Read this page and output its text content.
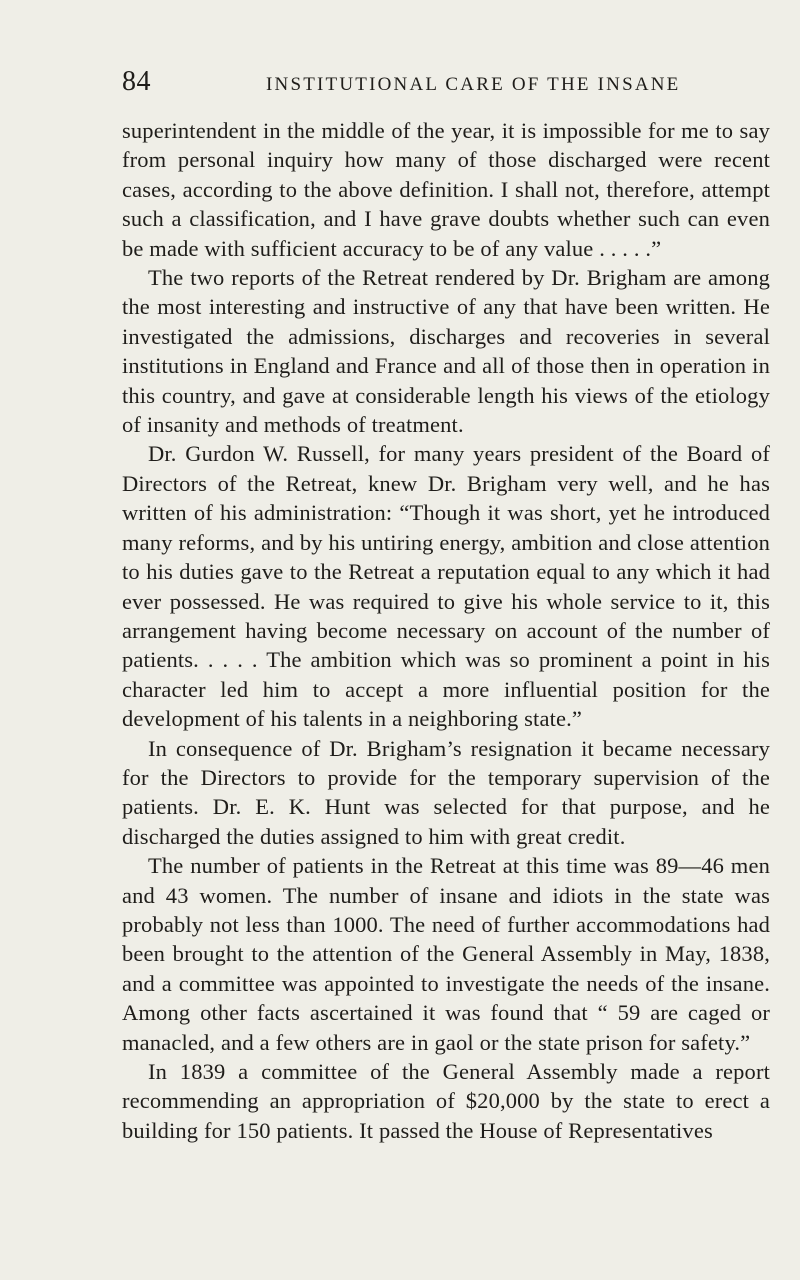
84	INSTITUTIONAL CARE OF THE INSANE

superintendent in the middle of the year, it is impossible for me to say from personal inquiry how many of those discharged were recent cases, according to the above definition. I shall not, therefore, attempt such a classification, and I have grave doubts whether such can even be made with sufficient accuracy to be of any value . . . . .”

The two reports of the Retreat rendered by Dr. Brigham are among the most interesting and instructive of any that have been written. He investigated the admissions, discharges and recoveries in several institutions in England and France and all of those then in operation in this country, and gave at considerable length his views of the etiology of insanity and methods of treatment.

Dr. Gurdon W. Russell, for many years president of the Board of Directors of the Retreat, knew Dr. Brigham very well, and he has written of his administration: “Though it was short, yet he introduced many reforms, and by his untiring energy, ambition and close attention to his duties gave to the Retreat a reputation equal to any which it had ever possessed. He was required to give his whole service to it, this arrangement having become necessary on account of the number of patients. . . . . The ambition which was so prominent a point in his character led him to accept a more influential position for the development of his talents in a neighboring state.”

In consequence of Dr. Brigham’s resignation it became necessary for the Directors to provide for the temporary supervision of the patients. Dr. E. K. Hunt was selected for that purpose, and he discharged the duties assigned to him with great credit.

The number of patients in the Retreat at this time was 89—46 men and 43 women. The number of insane and idiots in the state was probably not less than 1000. The need of further accommodations had been brought to the attention of the General Assembly in May, 1838, and a committee was appointed to investigate the needs of the insane. Among other facts ascertained it was found that “ 59 are caged or manacled, and a few others are in gaol or the state prison for safety.”

In 1839 a committee of the General Assembly made a report recommending an appropriation of $20,000 by the state to erect a building for 150 patients. It passed the House of Representatives
